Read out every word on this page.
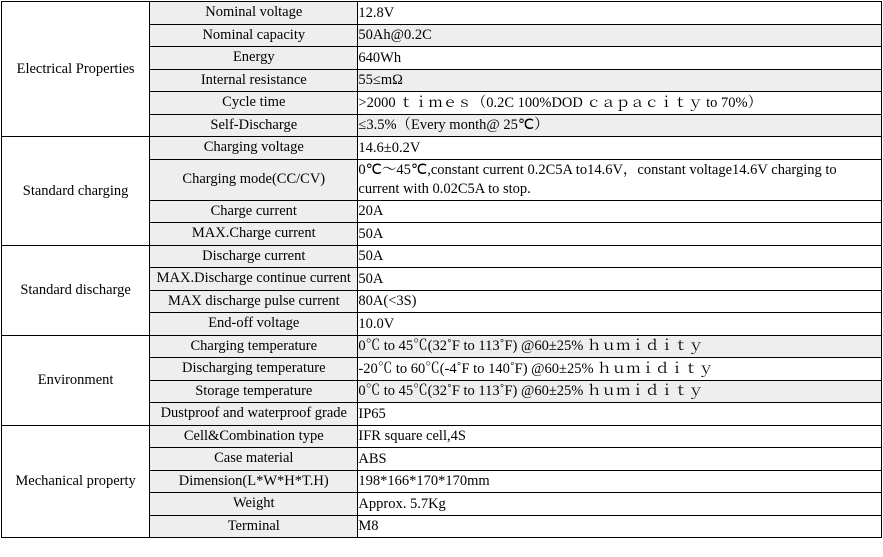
Electrical Properties	Nominal voltage	12.8V
	Nominal capacity	50Ah@0.2C
	Energy	640Wh
	Internal resistance	55≤mΩ
	Cycle time	>2000 ｔｉｍｅｓ（0.2C 100%DOD ｃａｐａｃｉｔｙ to 70%）
	Self-Discharge	≤3.5%（Every month@ 25℃）
Standard charging	Charging voltage	14.6±0.2V
	Charging mode(CC/CV)	0℃～45℃,constant current 0.2C5A to14.6V，constant voltage14.6V charging to current with 0.02C5A to stop.
	Charge current	20A
	MAX.Charge current	50A
Standard discharge	Discharge current	50A
	MAX.Discharge continue current	50A
	MAX discharge pulse current	80A(<3S)
	End-off voltage	10.0V
Environment	Charging temperature	0℃ to 45℃(32˚F to 113˚F) @60±25% ｈｕｍｉｄｉｔｙ
	Discharging temperature	-20℃ to 60℃(-4˚F to 140˚F) @60±25% ｈｕｍｉｄｉｔｙ
	Storage temperature	0℃ to 45℃(32˚F to 113˚F) @60±25% ｈｕｍｉｄｉｔｙ
	Dustproof and waterproof grade	IP65
Mechanical property	Cell&Combination type	IFR square cell,4S
	Case material	ABS
	Dimension(L*W*H*T.H)	198*166*170*170mm
	Weight	Approx. 5.7Kg
	Terminal	M8
